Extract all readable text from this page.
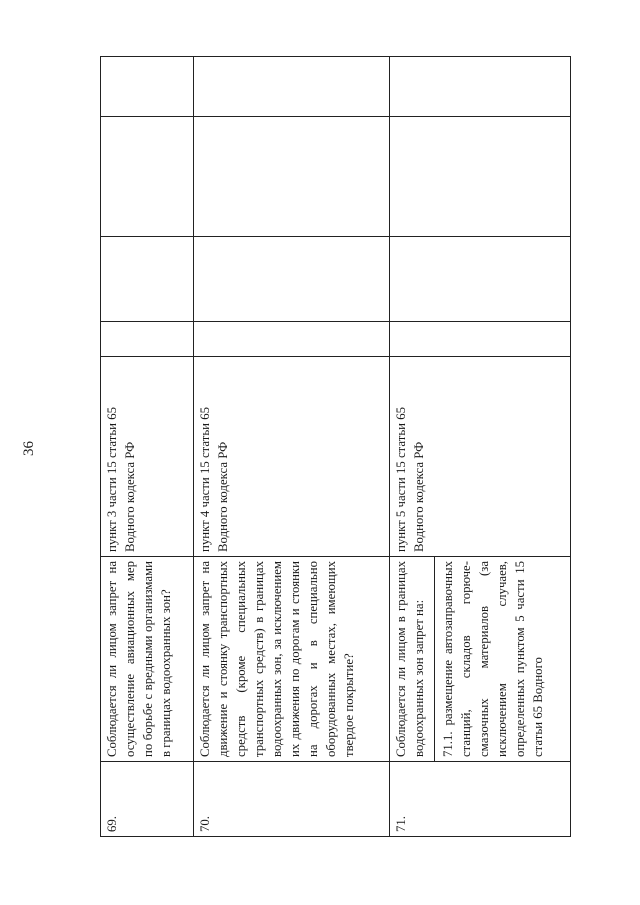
36
69.	Соблюдается ли лицом запрет на осуществление авиационных мер по борьбе с вредными организмами в границах водоохранных зон?	пункт 3 части 15 статьи 65 Водного кодекса РФ				
70.	Соблюдается ли лицом запрет на движение и стоянку транспортных средств (кроме специальных транспортных средств) в границах водоохранных зон, за исключением их движения по дорогам и стоянки на дорогах и в специально оборудованных местах, имеющих твердое покрытие?	пункт 4 части 15 статьи 65 Водного кодекса РФ				
71.	Соблюдается ли лицом в границах водоохранных зон запрет на: 71.1. размещение автозаправочных станций, складов горюче-смазочных материалов (за исключением случаев, определенных пунктом 5 части 15 статьи 65 Водного	пункт 5 части 15 статьи 65 Водного кодекса РФ				
